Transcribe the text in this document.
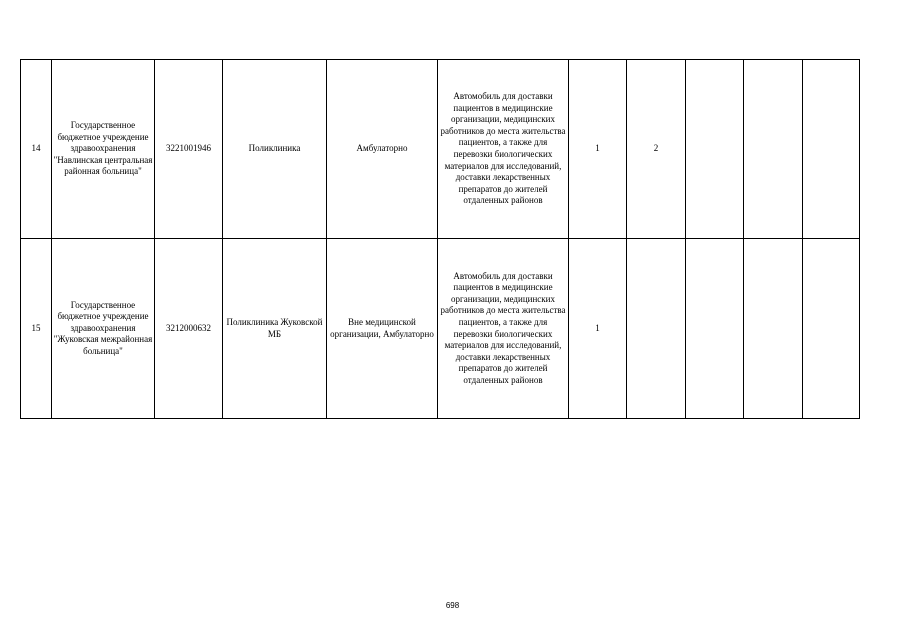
14	Государственное бюджетное учреждение здравоохранения "Навлинская центральная районная больница"	3221001946	Поликлиника	Амбулаторно	Автомобиль для доставки пациентов в медицинские организации, медицинских работников до места жительства пациентов, а также для перевозки биологических материалов для исследований, доставки лекарственных препаратов до жителей отдаленных районов	1	2			

15	Государственное бюджетное учреждение здравоохранения "Жуковская межрайонная больница"	3212000632	Поликлиника Жуковской МБ	Вне медицинской организации, Амбулаторно	Автомобиль для доставки пациентов в медицинские организации, медицинских работников до места жительства пациентов, а также для перевозки биологических материалов для исследований, доставки лекарственных препаратов до жителей отдаленных районов	1				

698
